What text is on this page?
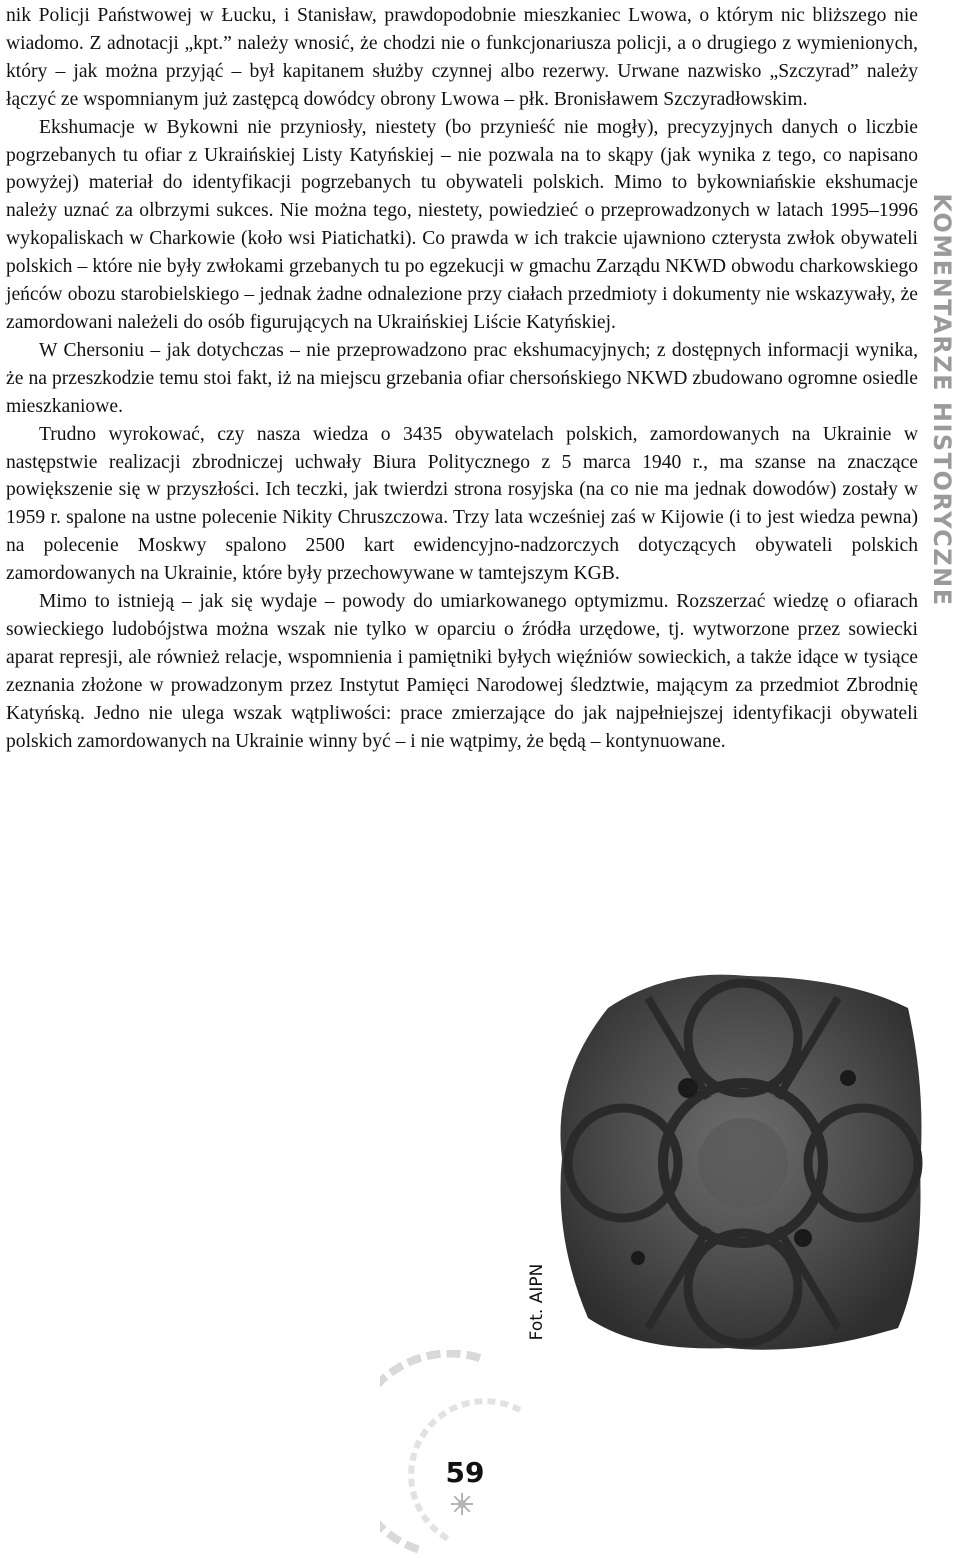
nik Policji Państwowej w Łucku, i Stanisław, prawdopodobnie mieszkaniec Lwowa, o którym nic bliższego nie wiadomo. Z adnotacji „kpt.” należy wnosić, że chodzi nie o funkcjonariusza policji, a o drugiego z wymienionych, który – jak można przyjąć – był kapitanem służby czynnej albo rezerwy. Urwane nazwisko „Szczyrad” należy łączyć ze wspomnianym już zastępcą dowódcy obrony Lwowa – płk. Bronisławem Szczyradłowskim.

Ekshumacje w Bykowni nie przyniosły, niestety (bo przynieść nie mogły), precyzyjnych danych o liczbie pogrzebanych tu ofiar z Ukraińskiej Listy Katyńskiej – nie pozwala na to skąpy (jak wynika z tego, co napisano powyżej) materiał do identyfikacji pogrzebanych tu obywateli polskich. Mimo to bykowniańskie ekshumacje należy uznać za olbrzymi sukces. Nie można tego, niestety, powiedzieć o przeprowadzonych w latach 1995–1996 wykopaliskach w Charkowie (koło wsi Piatichatki). Co prawda w ich trakcie ujawniono czterysta zwłok obywateli polskich – które nie były zwłokami grzebanych tu po egzekucji w gmachu Zarządu NKWD obwodu charkowskiego jeńców obozu starobielskiego – jednak żadne odnalezione przy ciałach przedmioty i dokumenty nie wskazywały, że zamordowani należeli do osób figurujących na Ukraińskiej Liście Katyńskiej.

W Chersoniu – jak dotychczas – nie przeprowadzono prac ekshumacyjnych; z dostępnych informacji wynika, że na przeszkodzie temu stoi fakt, iż na miejscu grzebania ofiar chersońskiego NKWD zbudowano ogromne osiedle mieszkaniowe.

Trudno wyrokować, czy nasza wiedza o 3435 obywatelach polskich, zamordowanych na Ukrainie w następstwie realizacji zbrodniczej uchwały Biura Politycznego z 5 marca 1940 r., ma szanse na znaczące powiększenie się w przyszłości. Ich teczki, jak twierdzi strona rosyjska (na co nie ma jednak dowodów) zostały w 1959 r. spalone na ustne polecenie Nikity Chruszczowa. Trzy lata wcześniej zaś w Kijowie (i to jest wiedza pewna) na polecenie Moskwy spalono 2500 kart ewidencyjno-nadzorczych dotyczących obywateli polskich zamordowanych na Ukrainie, które były przechowywane w tamtejszym KGB.

Mimo to istnieją – jak się wydaje – powody do umiarkowanego optymizmu. Rozszerzać wiedzę o ofiarach sowieckiego ludobójstwa można wszak nie tylko w oparciu o źródła urzędowe, tj. wytworzone przez sowiecki aparat represji, ale również relacje, wspomnienia i pamiętniki byłych więźniów sowieckich, a także idące w tysiące zeznania złożone w prowadzonym przez Instytut Pamięci Narodowej śledztwie, mającym za przedmiot Zbrodnię Katyńską. Jedno nie ulega wszak wątpliwości: prace zmierzające do jak najpełniejszej identyfikacji obywateli polskich zamordowanych na Ukrainie winny być – i nie wątpimy, że będą – kontynuowane.

KOMENTARZE HISTORYCZNE
Fot. AIPN
59
